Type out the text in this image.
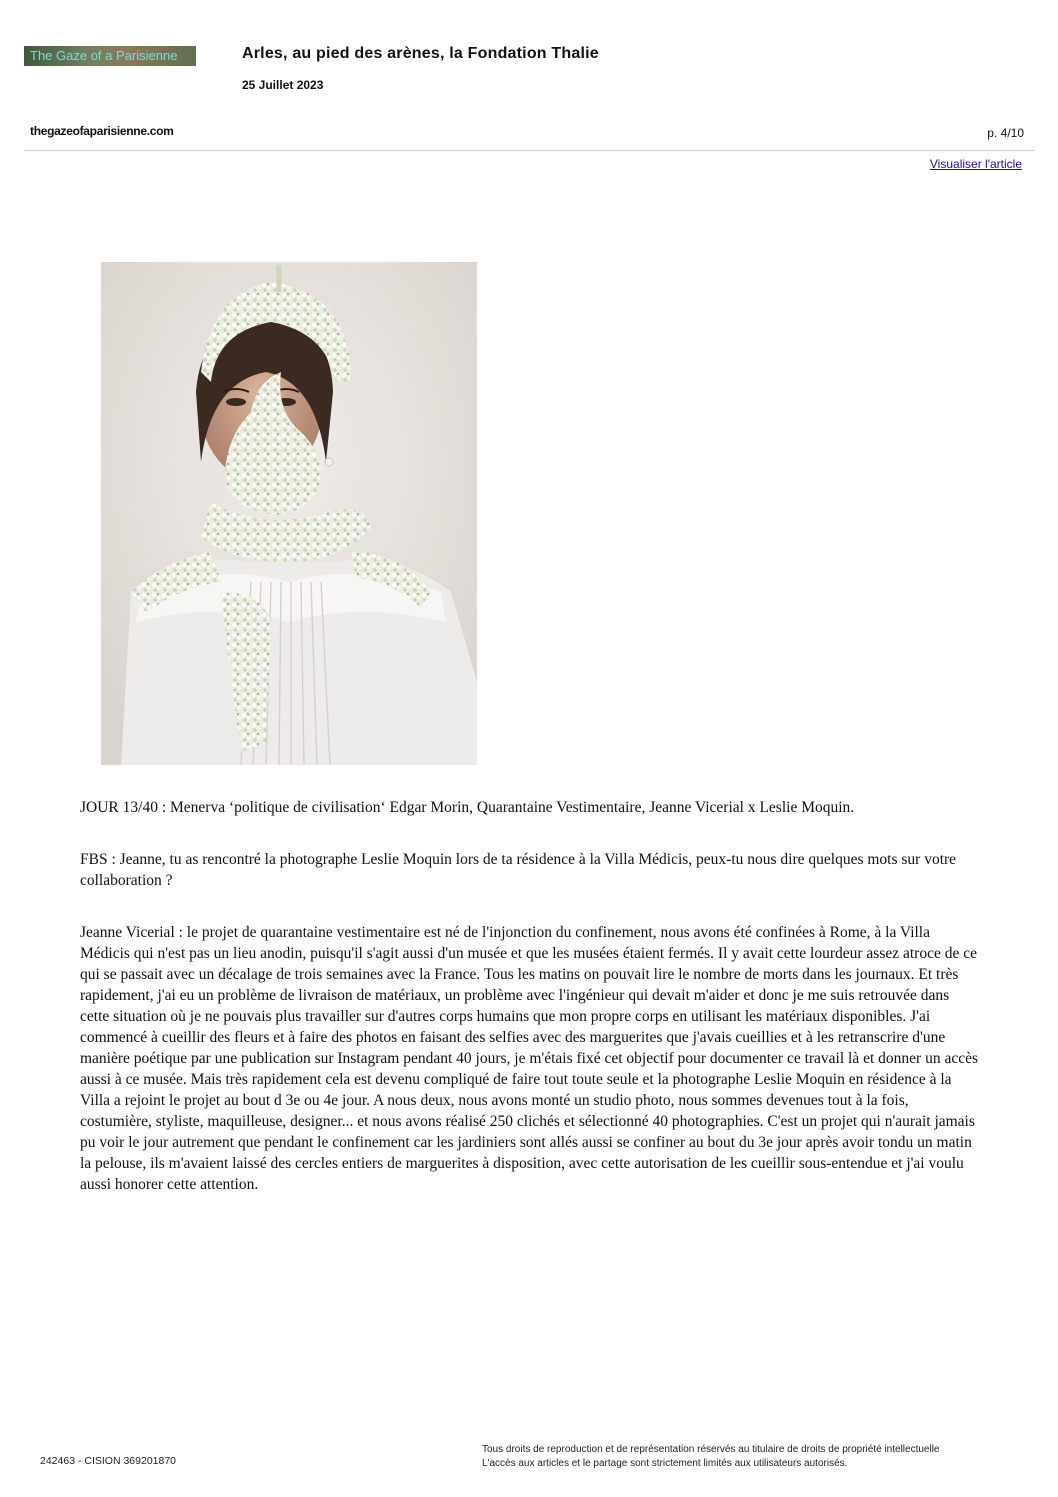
The Gaze of a Parisienne	Arles, au pied des arènes, la Fondation Thalie
25 Juillet 2023
thegazeofaparisienne.com	p. 4/10
Visualiser l'article

JOUR 13/40 : Menerva ‘politique de civilisation‘ Edgar Morin, Quarantaine Vestimentaire, Jeanne Vicerial x Leslie Moquin.

FBS : Jeanne, tu as rencontré la photographe Leslie Moquin lors de ta résidence à la Villa Médicis, peux-tu nous dire quelques mots sur votre collaboration ?

Jeanne Vicerial : le projet de quarantaine vestimentaire est né de l'injonction du confinement, nous avons été confinées à Rome, à la Villa Médicis qui n'est pas un lieu anodin, puisqu'il s'agit aussi d'un musée et que les musées étaient fermés. Il y avait cette lourdeur assez atroce de ce qui se passait avec un décalage de trois semaines avec la France. Tous les matins on pouvait lire le nombre de morts dans les journaux. Et très rapidement, j'ai eu un problème de livraison de matériaux, un problème avec l'ingénieur qui devait m'aider et donc je me suis retrouvée dans cette situation où je ne pouvais plus travailler sur d'autres corps humains que mon propre corps en utilisant les matériaux disponibles. J'ai commencé à cueillir des fleurs et à faire des photos en faisant des selfies avec des marguerites que j'avais cueillies et à les retranscrire d'une manière poétique par une publication sur Instagram pendant 40 jours, je m'étais fixé cet objectif pour documenter ce travail là et donner un accès aussi à ce musée. Mais très rapidement cela est devenu compliqué de faire tout toute seule et la photographe Leslie Moquin en résidence à la Villa a rejoint le projet au bout d 3e ou 4e jour. A nous deux, nous avons monté un studio photo, nous sommes devenues tout à la fois, costumière, styliste, maquilleuse, designer... et nous avons réalisé 250 clichés et sélectionné 40 photographies. C'est un projet qui n'aurait jamais pu voir le jour autrement que pendant le confinement car les jardiniers sont allés aussi se confiner au bout du 3e jour après avoir tondu un matin la pelouse, ils m'avaient laissé des cercles entiers de marguerites à disposition, avec cette autorisation de les cueillir sous-entendue et j'ai voulu aussi honorer cette attention.

242463 - CISION 369201870
Tous droits de reproduction et de représentation réservés au titulaire de droits de propriété intellectuelle
L'accès aux articles et le partage sont strictement limités aux utilisateurs autorisés.
